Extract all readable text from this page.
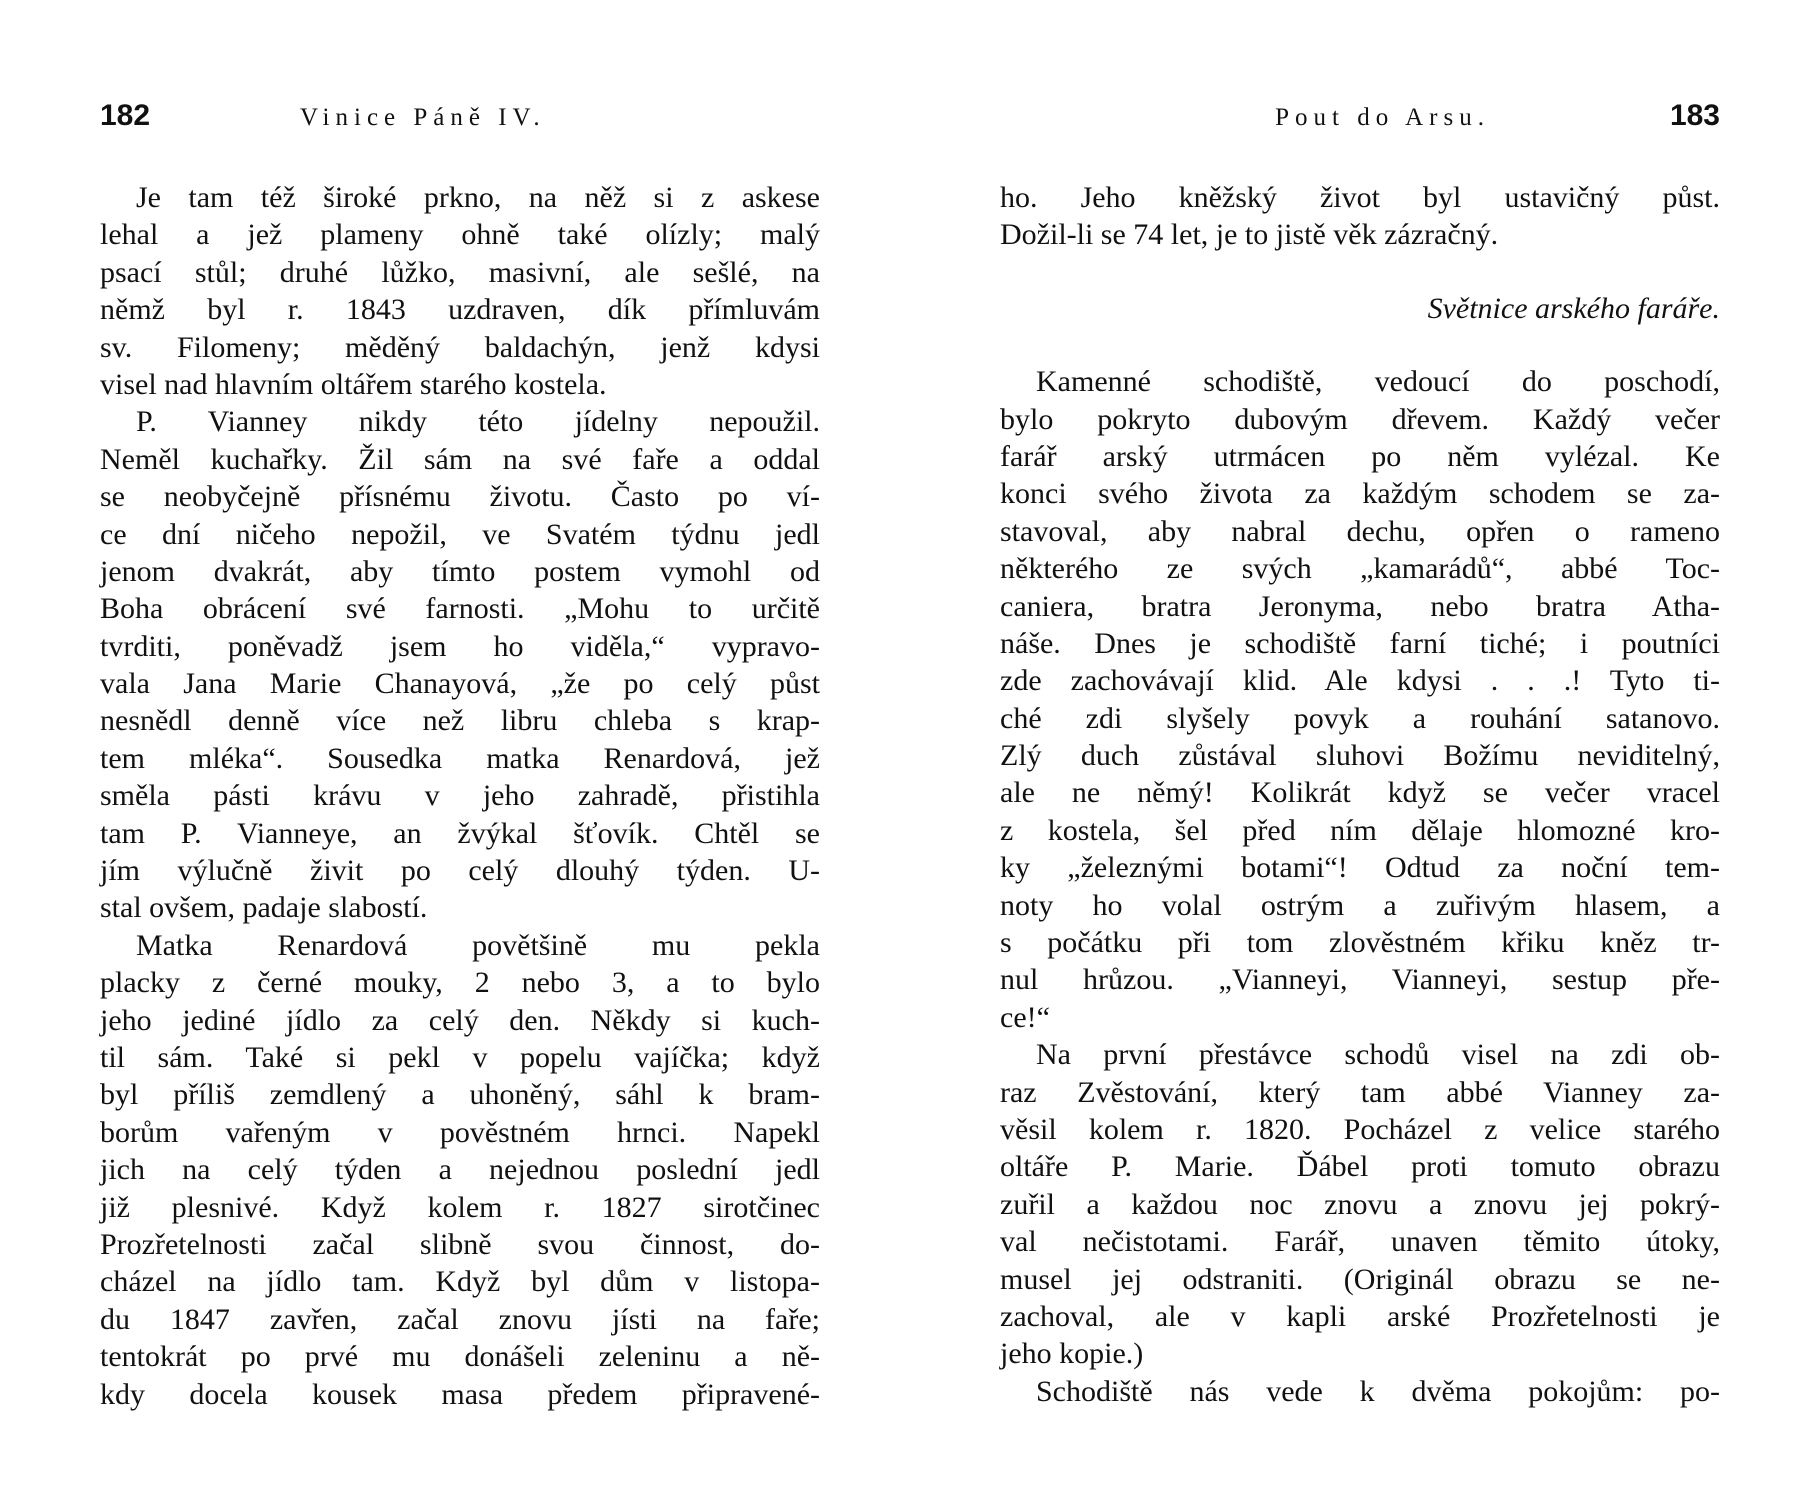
182	Vinice Páně IV.
Je tam též široké prkno, na něž si z askese
lehal a jež plameny ohně také olízly; malý
psací stůl; druhé lůžko, masivní, ale sešlé, na
němž byl r. 1843 uzdraven, dík přímluvám
sv. Filomeny; měděný baldachýn, jenž kdysi
visel nad hlavním oltářem starého kostela.
P. Vianney nikdy této jídelny nepoužil.
Neměl kuchařky. Žil sám na své faře a oddal
se neobyčejně přísnému životu. Často po ví-
ce dní ničeho nepožil, ve Svatém týdnu jedl
jenom dvakrát, aby tímto postem vymohl od
Boha obrácení své farnosti. „Mohu to určitě
tvrditi, poněvadž jsem ho viděla,“ vypravo-
vala Jana Marie Chanayová, „že po celý půst
nesnědl denně více než libru chleba s krap-
tem mléka“. Sousedka matka Renardová, jež
směla pásti krávu v jeho zahradě, přistihla
tam P. Vianneye, an žvýkal šťovík. Chtěl se
jím výlučně živit po celý dlouhý týden. U-
stal ovšem, padaje slabostí.
Matka Renardová povětšině mu pekla
placky z černé mouky, 2 nebo 3, a to bylo
jeho jediné jídlo za celý den. Někdy si kuch-
til sám. Také si pekl v popelu vajíčka; když
byl příliš zemdlený a uhoněný, sáhl k bram-
borům vařeným v pověstném hrnci. Napekl
jich na celý týden a nejednou poslední jedl
již plesnivé. Když kolem r. 1827 sirotčinec
Prozřetelnosti začal slibně svou činnost, do-
cházel na jídlo tam. Když byl dům v listopa-
du 1847 zavřen, začal znovu jísti na faře;
tentokrát po prvé mu donášeli zeleninu a ně-
kdy docela kousek masa předem připravené-
Pout do Arsu.	183
ho. Jeho kněžský život byl ustavičný půst.
Dožil-li se 74 let, je to jistě věk zázračný.
Světnice arského faráře.
Kamenné schodiště, vedoucí do poschodí,
bylo pokryto dubovým dřevem. Každý večer
farář arský utrmácen po něm vylézal. Ke
konci svého života za každým schodem se za-
stavoval, aby nabral dechu, opřen o rameno
některého ze svých „kamarádů“, abbé Toc-
caniera, bratra Jeronyma, nebo bratra Atha-
náše. Dnes je schodiště farní tiché; i poutníci
zde zachovávají klid. Ale kdysi . . .! Tyto ti-
ché zdi slyšely povyk a rouhání satanovo.
Zlý duch zůstával sluhovi Božímu neviditelný,
ale ne němý! Kolikrát když se večer vracel
z kostela, šel před ním dělaje hlomozné kro-
ky „železnými botami“! Odtud za noční tem-
noty ho volal ostrým a zuřivým hlasem, a
s počátku při tom zlověstném křiku kněz tr-
nul hrůzou. „Vianneyi, Vianneyi, sestup pře-
ce!“
Na první přestávce schodů visel na zdi ob-
raz Zvěstování, který tam abbé Vianney za-
věsil kolem r. 1820. Pocházel z velice starého
oltáře P. Marie. Ďábel proti tomuto obrazu
zuřil a každou noc znovu a znovu jej pokrý-
val nečistotami. Farář, unaven těmito útoky,
musel jej odstraniti. (Originál obrazu se ne-
zachoval, ale v kapli arské Prozřetelnosti je
jeho kopie.)
Schodiště nás vede k dvěma pokojům: po-
